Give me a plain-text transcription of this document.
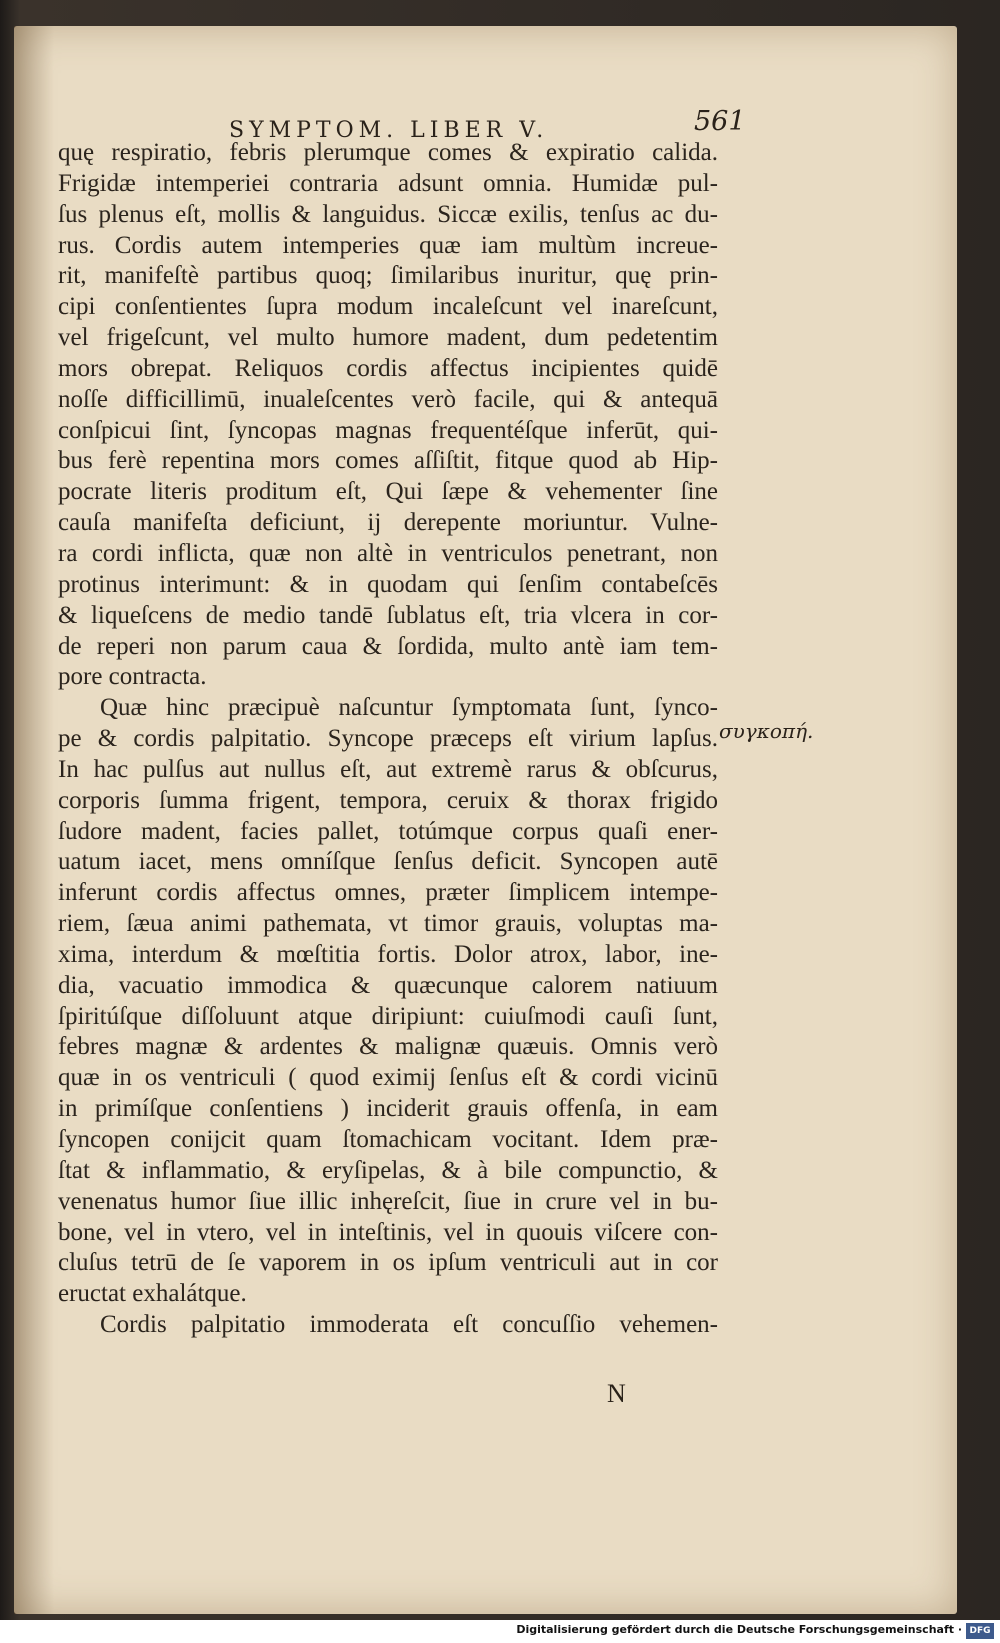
SYMPTOM. LIBER V.	561
quę respiratio, febris plerumque comes & expiratio calida.
Frigidæ intemperiei contraria adsunt omnia. Humidæ pul-
ſus plenus eſt, mollis & languidus. Siccæ exilis, tenſus ac du-
rus. Cordis autem intemperies quæ iam multùm increue-
rit, manifeſtè partibus quoq; ſimilaribus inuritur, quę prin-
cipi conſentientes ſupra modum incaleſcunt vel inareſcunt,
vel frigeſcunt, vel multo humore madent, dum pedetentim
mors obrepat. Reliquos cordis affectus incipientes quidē
noſſe difficillimū, inualeſcentes verò facile, qui & antequā
conſpicui ſint, ſyncopas magnas frequentéſque inferūt, qui-
bus ferè repentina mors comes aſſiſtit, fitque quod ab Hip-
pocrate literis proditum eſt, Qui ſæpe & vehementer ſine
cauſa manifeſta deficiunt, ij derepente moriuntur. Vulne-
ra cordi inflicta, quæ non altè in ventriculos penetrant, non
protinus interimunt: & in quodam qui ſenſim contabeſcēs
& liqueſcens de medio tandē ſublatus eſt, tria vlcera in cor-
de reperi non parum caua & ſordida, multo antè iam tem-
pore contracta.
Quæ hinc præcipuè naſcuntur ſymptomata ſunt, ſynco-
pe & cordis palpitatio. Syncope præceps eſt virium lapſus.
In hac pulſus aut nullus eſt, aut extremè rarus & obſcurus,
corporis ſumma frigent, tempora, ceruix & thorax frigido
ſudore madent, facies pallet, totúmque corpus quaſi ener-
uatum iacet, mens omníſque ſenſus deficit. Syncopen autē
inferunt cordis affectus omnes, præter ſimplicem intempe-
riem, ſæua animi pathemata, vt timor grauis, voluptas ma-
xima, interdum & mœſtitia fortis. Dolor atrox, labor, ine-
dia, vacuatio immodica & quæcunque calorem natiuum
ſpiritúſque diſſoluunt atque diripiunt: cuiuſmodi cauſi ſunt,
febres magnæ & ardentes & malignæ quæuis. Omnis verò
quæ in os ventriculi ( quod eximij ſenſus eſt & cordi vicinū
in primíſque conſentiens ) inciderit grauis offenſa, in eam
ſyncopen conijcit quam ſtomachicam vocitant. Idem præ-
ſtat & inflammatio, & eryſipelas, & à bile compunctio, &
venenatus humor ſiue illic inhęreſcit, ſiue in crure vel in bu-
bone, vel in vtero, vel in inteſtinis, vel in quouis viſcere con-
cluſus tetrū de ſe vaporem in os ipſum ventriculi aut in cor
eructat exhalátque.
Cordis palpitatio immoderata eſt concuſſio vehemen-
συγκοπή.
N
Digitalisierung gefördert durch die Deutsche Forschungsgemeinschaft · DFG
